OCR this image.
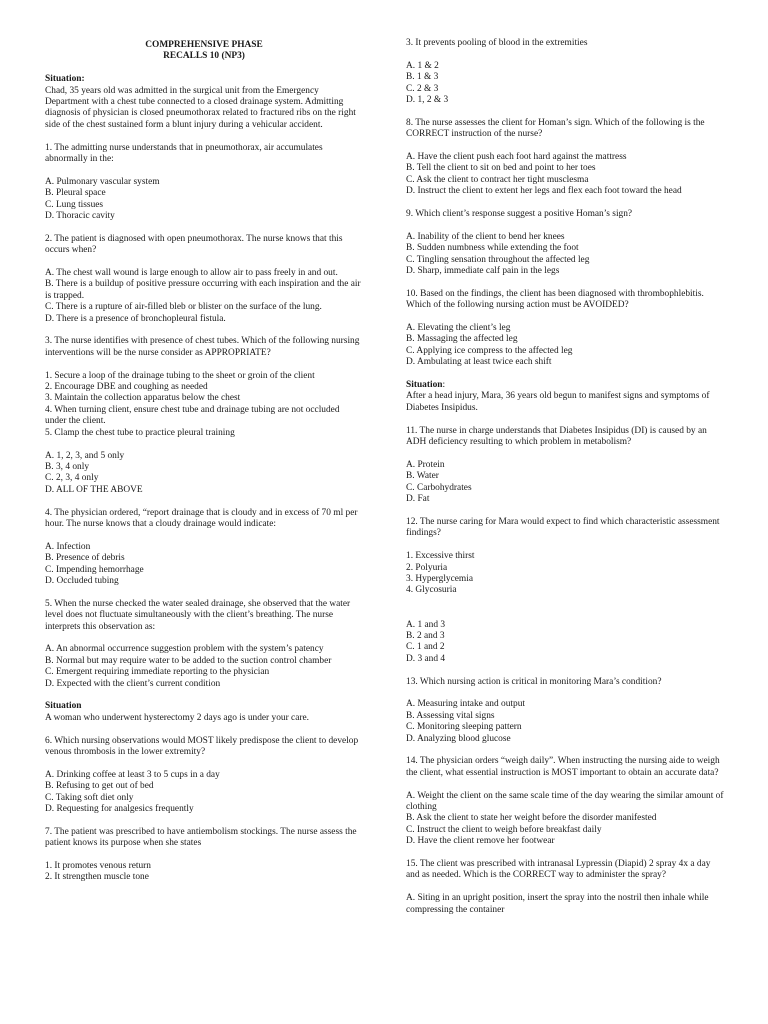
COMPREHENSIVE PHASE
RECALLS 10 (NP3)
Situation:
Chad, 35 years old was admitted in the surgical unit from the Emergency Department with a chest tube connected to a closed drainage system. Admitting diagnosis of physician is closed pneumothorax related to fractured ribs on the right side of the chest sustained form a blunt injury during a vehicular accident.
1. The admitting nurse understands that in pneumothorax, air accumulates abnormally in the:
A. Pulmonary vascular system
B. Pleural space
C. Lung tissues
D. Thoracic cavity
2. The patient is diagnosed with open pneumothorax. The nurse knows that this occurs when?
A. The chest wall wound is large enough to allow air to pass freely in and out.
B. There is a buildup of positive pressure occurring with each inspiration and the air is trapped.
C. There is a rupture of air-filled bleb or blister on the surface of the lung.
D. There is a presence of bronchopleural fistula.
3. The nurse identifies with presence of chest tubes. Which of the following nursing interventions will be the nurse consider as APPROPRIATE?
1. Secure a loop of the drainage tubing to the sheet or groin of the client
2. Encourage DBE and coughing as needed
3. Maintain the collection apparatus below the chest
4. When turning client, ensure chest tube and drainage tubing are not occluded under the client.
5. Clamp the chest tube to practice pleural training
A. 1, 2, 3, and 5 only
B. 3, 4 only
C. 2, 3, 4 only
D. ALL OF THE ABOVE
4. The physician ordered, “report drainage that is cloudy and in excess of 70 ml per hour. The nurse knows that a cloudy drainage would indicate:
A. Infection
B. Presence of debris
C. Impending hemorrhage
D. Occluded tubing
5. When the nurse checked the water sealed drainage, she observed that the water level does not fluctuate simultaneously with the client’s breathing. The nurse interprets this observation as:
A. An abnormal occurrence suggestion problem with the system’s patency
B. Normal but may require water to be added to the suction control chamber
C. Emergent requiring immediate reporting to the physician
D. Expected with the client’s current condition
Situation
A woman who underwent hysterectomy 2 days ago is under your care.
6. Which nursing observations would MOST likely predispose the client to develop venous thrombosis in the lower extremity?
A. Drinking coffee at least 3 to 5 cups in a day
B. Refusing to get out of bed
C. Taking soft diet only
D. Requesting for analgesics frequently
7. The patient was prescribed to have antiembolism stockings. The nurse assess the patient knows its purpose when she states
1. It promotes venous return
2. It strengthen muscle tone
3. It prevents pooling of blood in the extremities
A. 1 & 2
B. 1 & 3
C. 2 & 3
D. 1, 2 & 3
8. The nurse assesses the client for Homan’s sign. Which of the following is the CORRECT instruction of the nurse?
A. Have the client push each foot hard against the mattress
B. Tell the client to sit on bed and point to her toes
C. Ask the client to contract her tight musclesma
D. Instruct the client to extent her legs and flex each foot toward the head
9. Which client’s response suggest a positive Homan’s sign?
A. Inability of the client to bend her knees
B. Sudden numbness while extending the foot
C. Tingling sensation throughout the affected leg
D. Sharp, immediate calf pain in the legs
10. Based on the findings, the client has been diagnosed with thrombophlebitis. Which of the following nursing action must be AVOIDED?
A. Elevating the client’s leg
B. Massaging the affected leg
C. Applying ice compress to the affected leg
D. Ambulating at least twice each shift
Situation:
After a head injury, Mara, 36 years old begun to manifest signs and symptoms of Diabetes Insipidus.
11. The nurse in charge understands that Diabetes Insipidus (DI) is caused by an ADH deficiency resulting to which problem in metabolism?
A. Protein
B. Water
C. Carbohydrates
D. Fat
12. The nurse caring for Mara would expect to find which characteristic assessment findings?
1. Excessive thirst
2. Polyuria
3. Hyperglycemia
4. Glycosuria
A. 1 and 3
B. 2 and 3
C. 1 and 2
D. 3 and 4
13. Which nursing action is critical in monitoring Mara’s condition?
A. Measuring intake and output
B. Assessing vital signs
C. Monitoring sleeping pattern
D. Analyzing blood glucose
14. The physician orders “weigh daily”. When instructing the nursing aide to weigh the client, what essential instruction is MOST important to obtain an accurate data?
A. Weight the client on the same scale time of the day wearing the similar amount of clothing
B. Ask the client to state her weight before the disorder manifested
C. Instruct the client to weigh before breakfast daily
D. Have the client remove her footwear
15. The client was prescribed with intranasal Lypressin (Diapid) 2 spray 4x a day and as needed. Which is the CORRECT way to administer the spray?
A. Siting in an upright position, insert the spray into the nostril then inhale while compressing the container
